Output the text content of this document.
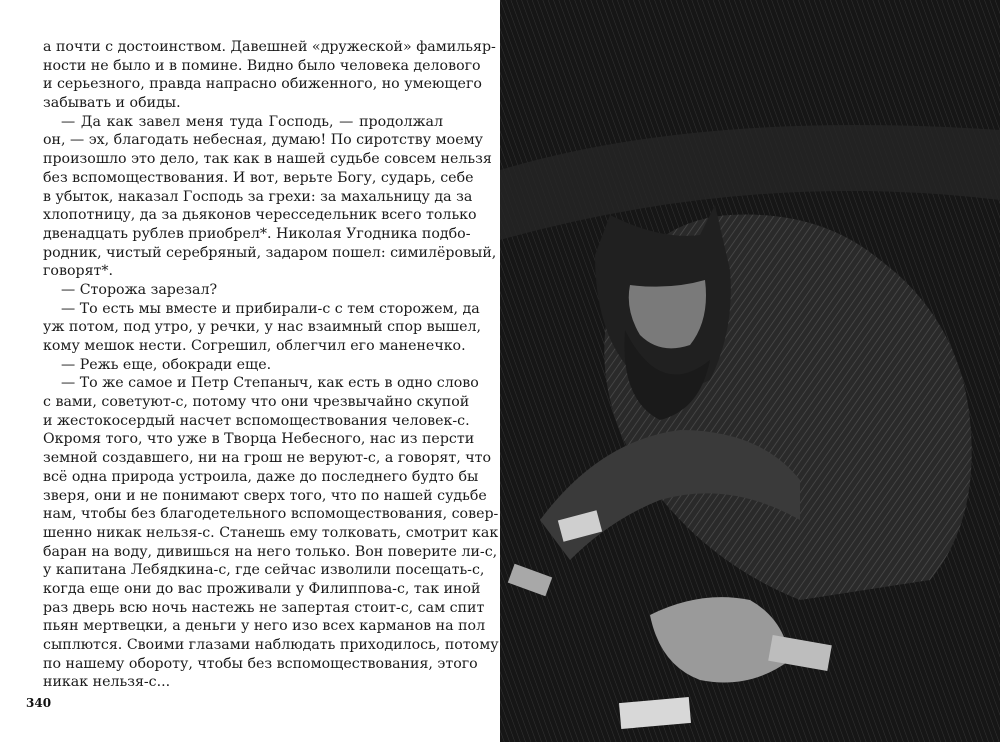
а почти с достоинством. Давешней «дружеской» фамильяр-
ности не было и в помине. Видно было человека делового
и серьезного, правда напрасно обиженного, но умеющего
забывать и обиды.
— Да как завел меня туда Господь, — продолжал
он, — эх, благодать небесная, думаю! По сиротству моему
произошло это дело, так как в нашей судьбе совсем нельзя
без вспомоществования. И вот, верьте Богу, сударь, себе
в убыток, наказал Господь за грехи: за махальницу да за
хлопотницу, да за дьяконов чересседельник всего только
двенадцать рублев приобрел*. Николая Угодника подбо-
родник, чистый серебряный, задаром пошел: симилёровый,
говорят*.
— Сторожа зарезал?
— То есть мы вместе и прибирали-с с тем сторожем, да
уж потом, под утро, у речки, у нас взаимный спор вышел,
кому мешок нести. Согрешил, облегчил его маненечко.
— Режь еще, обокради еще.
— То же самое и Петр Степаныч, как есть в одно слово
с вами, советуют-с, потому что они чрезвычайно скупой
и жестокосердый насчет вспомоществования человек-с.
Окромя того, что уже в Творца Небесного, нас из персти
земной создавшего, ни на грош не веруют-с, а говорят, что
всё одна природа устроила, даже до последнего будто бы
зверя, они и не понимают сверх того, что по нашей судьбе
нам, чтобы без благодетельного вспомоществования, совер-
шенно никак нельзя-с. Станешь ему толковать, смотрит как
баран на воду, дивишься на него только. Вон поверите ли-с,
у капитана Лебядкина-с, где сейчас изволили посещать-с,
когда еще они до вас проживали у Филиппова-с, так иной
раз дверь всю ночь настежь не запертая стоит-с, сам спит
пьян мертвецки, а деньги у него изо всех карманов на пол
сыплются. Своими глазами наблюдать приходилось, потому
по нашему обороту, чтобы без вспомоществования, этого
никак нельзя-с...
340
